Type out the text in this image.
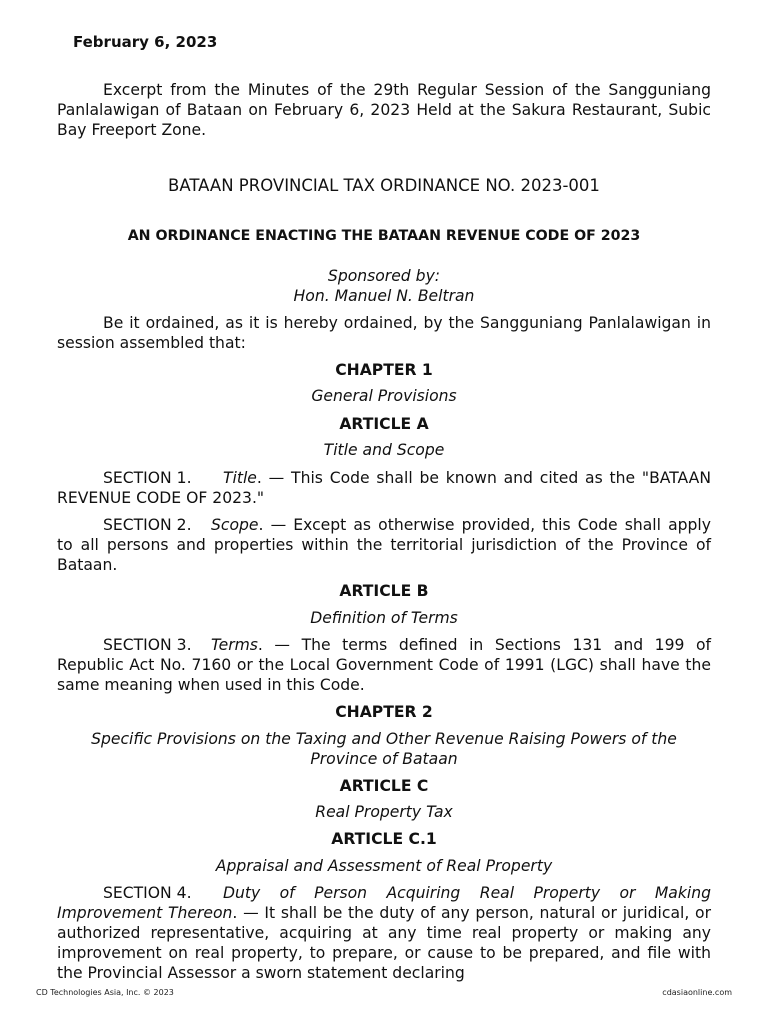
February 6, 2023

Excerpt from the Minutes of the 29th Regular Session of the Sangguniang Panlalawigan of Bataan on February 6, 2023 Held at the Sakura Restaurant, Subic Bay Freeport Zone.

BATAAN PROVINCIAL TAX ORDINANCE NO. 2023-001

AN ORDINANCE ENACTING THE BATAAN REVENUE CODE OF 2023

Sponsored by:

Hon. Manuel N. Beltran

Be it ordained, as it is hereby ordained, by the Sangguniang Panlalawigan in session assembled that:

CHAPTER 1

General Provisions

ARTICLE A

Title and Scope

SECTION 1. Title. — This Code shall be known and cited as the "BATAAN REVENUE CODE OF 2023."

SECTION 2. Scope. — Except as otherwise provided, this Code shall apply to all persons and properties within the territorial jurisdiction of the Province of Bataan.

ARTICLE B

Definition of Terms

SECTION 3. Terms. — The terms defined in Sections 131 and 199 of Republic Act No. 7160 or the Local Government Code of 1991 (LGC) shall have the same meaning when used in this Code.

CHAPTER 2

Specific Provisions on the Taxing and Other Revenue Raising Powers of the Province of Bataan

ARTICLE C

Real Property Tax

ARTICLE C.1

Appraisal and Assessment of Real Property

SECTION 4. Duty of Person Acquiring Real Property or Making Improvement Thereon. — It shall be the duty of any person, natural or juridical, or authorized representative, acquiring at any time real property or making any improvement on real property, to prepare, or cause to be prepared, and file with the Provincial Assessor a sworn statement declaring

CD Technologies Asia, Inc. © 2023	cdasiaonline.com
